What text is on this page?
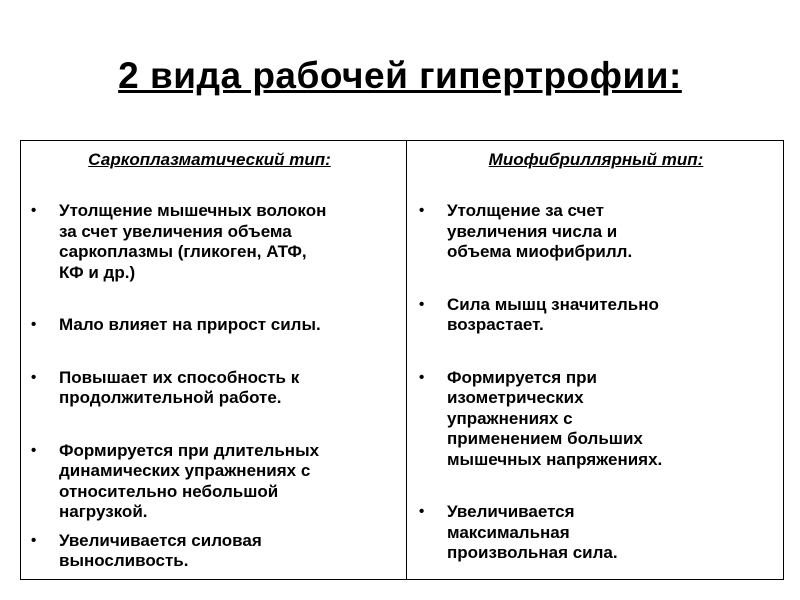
2 вида рабочей гипертрофии:
Саркоплазматический тип:
•	Утолщение мышечных волокон
за счет увеличения объема
саркоплазмы (гликоген, АТФ,
КФ и др.)
•	Мало влияет на прирост силы.
•	Повышает их способность к
продолжительной работе.
•	Формируется при длительных
динамических упражнениях с
относительно небольшой
нагрузкой.
•	Увеличивается силовая
выносливость.
Миофибриллярный тип:
•	Утолщение за счет
увеличения числа и
объема миофибрилл.
•	Сила мышц значительно
возрастает.
•	Формируется при
изометрических
упражнениях с
применением больших
мышечных напряжениях.
•	Увеличивается
максимальная
произвольная сила.
